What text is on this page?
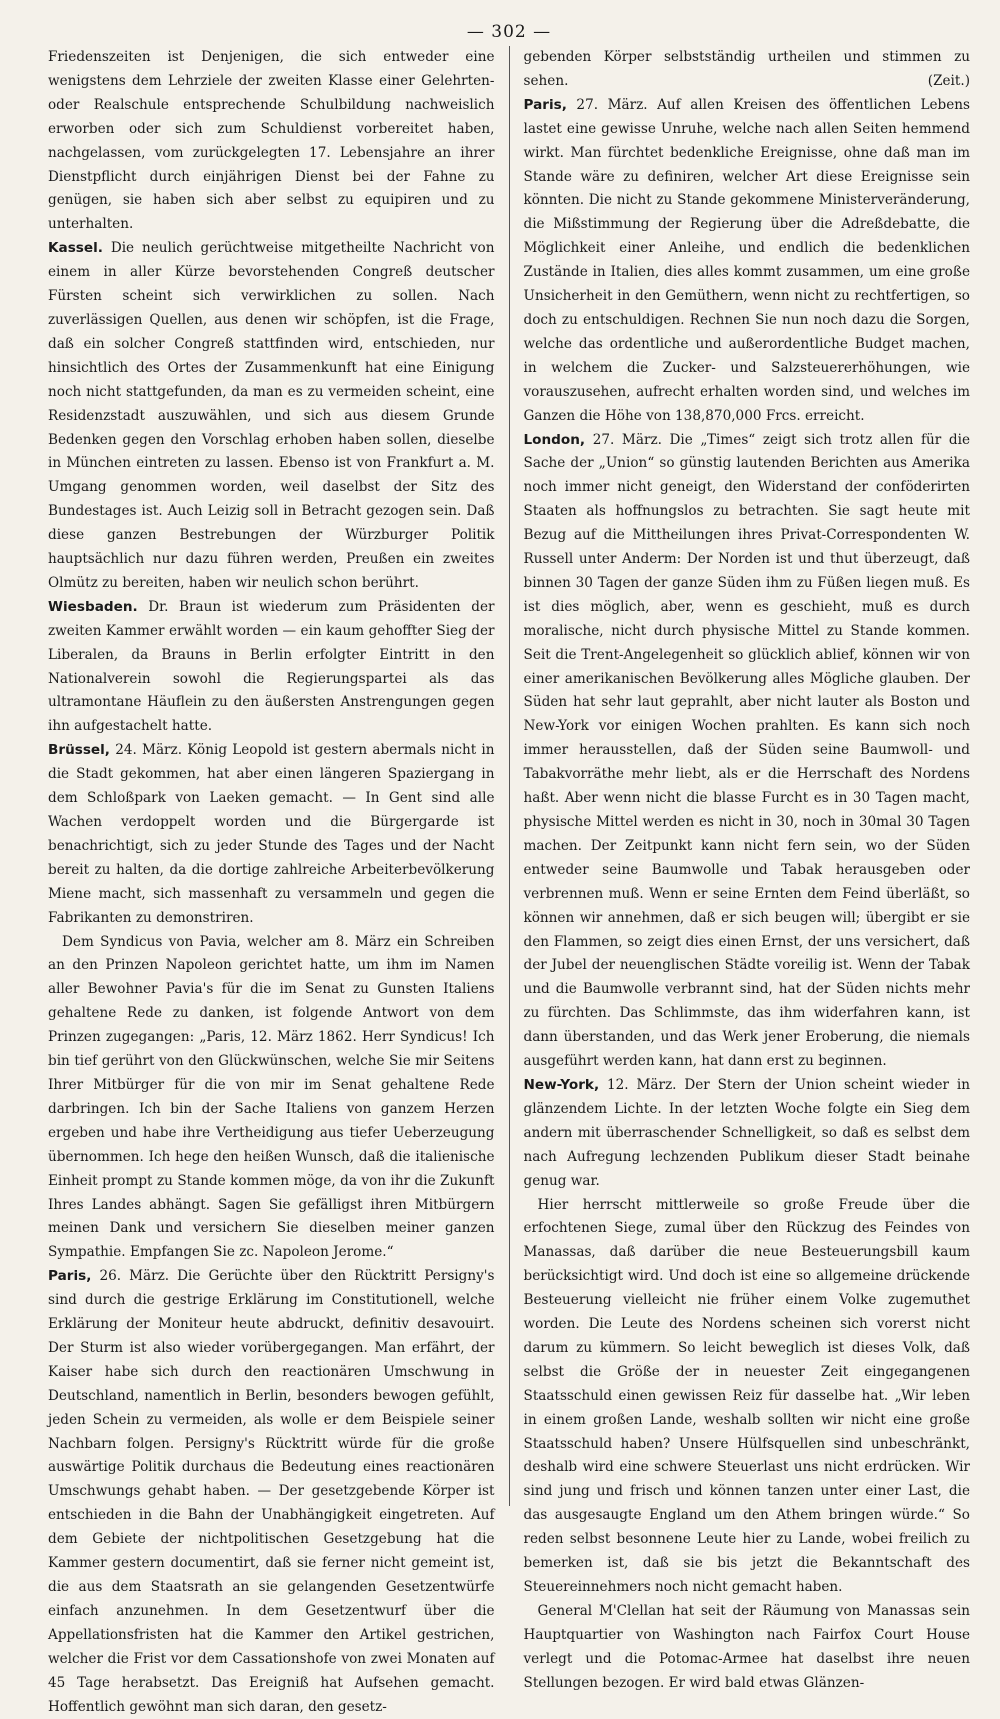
— 302 —

Friedenszeiten ist Denjenigen, die sich entweder eine wenigstens dem Lehrziele der zweiten Klasse einer Gelehrten- oder Realschule entsprechende Schulbildung nachweislich erworben oder sich zum Schuldienst vorbereitet haben, nachgelassen, vom zurückgelegten 17. Lebensjahre an ihrer Dienstpflicht durch einjährigen Dienst bei der Fahne zu genügen, sie haben sich aber selbst zu equipiren und zu unterhalten.

Kassel. Die neulich gerüchtweise mitgetheilte Nachricht von einem in aller Kürze bevorstehenden Congreß deutscher Fürsten scheint sich verwirklichen zu sollen. Nach zuverlässigen Quellen, aus denen wir schöpfen, ist die Frage, daß ein solcher Congreß stattfinden wird, entschieden, nur hinsichtlich des Ortes der Zusammenkunft hat eine Einigung noch nicht stattgefunden, da man es zu vermeiden scheint, eine Residenzstadt auszuwählen, und sich aus diesem Grunde Bedenken gegen den Vorschlag erhoben haben sollen, dieselbe in München eintreten zu lassen. Ebenso ist von Frankfurt a. M. Umgang genommen worden, weil daselbst der Sitz des Bundestages ist. Auch Leizig soll in Betracht gezogen sein. Daß diese ganzen Bestrebungen der Würzburger Politik hauptsächlich nur dazu führen werden, Preußen ein zweites Olmütz zu bereiten, haben wir neulich schon berührt.

Wiesbaden. Dr. Braun ist wiederum zum Präsidenten der zweiten Kammer erwählt worden — ein kaum gehoffter Sieg der Liberalen, da Brauns in Berlin erfolgter Eintritt in den Nationalverein sowohl die Regierungspartei als das ultramontane Häuflein zu den äußersten Anstrengungen gegen ihn aufgestachelt hatte.

Brüssel, 24. März. König Leopold ist gestern abermals nicht in die Stadt gekommen, hat aber einen längeren Spaziergang in dem Schloßpark von Laeken gemacht. — In Gent sind alle Wachen verdoppelt worden und die Bürgergarde ist benachrichtigt, sich zu jeder Stunde des Tages und der Nacht bereit zu halten, da die dortige zahlreiche Arbeiterbevölkerung Miene macht, sich massenhaft zu versammeln und gegen die Fabrikanten zu demonstriren.

Dem Syndicus von Pavia, welcher am 8. März ein Schreiben an den Prinzen Napoleon gerichtet hatte, um ihm im Namen aller Bewohner Pavia's für die im Senat zu Gunsten Italiens gehaltene Rede zu danken, ist folgende Antwort von dem Prinzen zugegangen: „Paris, 12. März 1862. Herr Syndicus! Ich bin tief gerührt von den Glückwünschen, welche Sie mir Seitens Ihrer Mitbürger für die von mir im Senat gehaltene Rede darbringen. Ich bin der Sache Italiens von ganzem Herzen ergeben und habe ihre Vertheidigung aus tiefer Ueberzeugung übernommen. Ich hege den heißen Wunsch, daß die italienische Einheit prompt zu Stande kommen möge, da von ihr die Zukunft Ihres Landes abhängt. Sagen Sie gefälligst ihren Mitbürgern meinen Dank und versichern Sie dieselben meiner ganzen Sympathie. Empfangen Sie zc. Napoleon Jerome.“

Paris, 26. März. Die Gerüchte über den Rücktritt Persigny's sind durch die gestrige Erklärung im Constitutionell, welche Erklärung der Moniteur heute abdruckt, definitiv desavouirt. Der Sturm ist also wieder vorübergegangen. Man erfährt, der Kaiser habe sich durch den reactionären Umschwung in Deutschland, namentlich in Berlin, besonders bewogen gefühlt, jeden Schein zu vermeiden, als wolle er dem Beispiele seiner Nachbarn folgen. Persigny's Rücktritt würde für die große auswärtige Politik durchaus die Bedeutung eines reactionären Umschwungs gehabt haben. — Der gesetzgebende Körper ist entschieden in die Bahn der Unabhängigkeit eingetreten. Auf dem Gebiete der nichtpolitischen Gesetzgebung hat die Kammer gestern documentirt, daß sie ferner nicht gemeint ist, die aus dem Staatsrath an sie gelangenden Gesetzentwürfe einfach anzunehmen. In dem Gesetzentwurf über die Appellationsfristen hat die Kammer den Artikel gestrichen, welcher die Frist vor dem Cassationshofe von zwei Monaten auf 45 Tage herabsetzt. Das Ereigniß hat Aufsehen gemacht. Hoffentlich gewöhnt man sich daran, den gesetz-

gebenden Körper selbstständig urtheilen und stimmen zu sehen.	(Zeit.)

Paris, 27. März. Auf allen Kreisen des öffentlichen Lebens lastet eine gewisse Unruhe, welche nach allen Seiten hemmend wirkt. Man fürchtet bedenkliche Ereignisse, ohne daß man im Stande wäre zu definiren, welcher Art diese Ereignisse sein könnten. Die nicht zu Stande gekommene Ministerveränderung, die Mißstimmung der Regierung über die Adreßdebatte, die Möglichkeit einer Anleihe, und endlich die bedenklichen Zustände in Italien, dies alles kommt zusammen, um eine große Unsicherheit in den Gemüthern, wenn nicht zu rechtfertigen, so doch zu entschuldigen. Rechnen Sie nun noch dazu die Sorgen, welche das ordentliche und außerordentliche Budget machen, in welchem die Zucker- und Salzsteuererhöhungen, wie vorauszusehen, aufrecht erhalten worden sind, und welches im Ganzen die Höhe von 138,870,000 Frcs. erreicht.

London, 27. März. Die „Times“ zeigt sich trotz allen für die Sache der „Union“ so günstig lautenden Berichten aus Amerika noch immer nicht geneigt, den Widerstand der conföderirten Staaten als hoffnungslos zu betrachten. Sie sagt heute mit Bezug auf die Mittheilungen ihres Privat-Correspondenten W. Russell unter Anderm: Der Norden ist und thut überzeugt, daß binnen 30 Tagen der ganze Süden ihm zu Füßen liegen muß. Es ist dies möglich, aber, wenn es geschieht, muß es durch moralische, nicht durch physische Mittel zu Stande kommen. Seit die Trent-Angelegenheit so glücklich ablief, können wir von einer amerikanischen Bevölkerung alles Mögliche glauben. Der Süden hat sehr laut geprahlt, aber nicht lauter als Boston und New-York vor einigen Wochen prahlten. Es kann sich noch immer herausstellen, daß der Süden seine Baumwoll- und Tabakvorräthe mehr liebt, als er die Herrschaft des Nordens haßt. Aber wenn nicht die blasse Furcht es in 30 Tagen macht, physische Mittel werden es nicht in 30, noch in 30mal 30 Tagen machen. Der Zeitpunkt kann nicht fern sein, wo der Süden entweder seine Baumwolle und Tabak herausgeben oder verbrennen muß. Wenn er seine Ernten dem Feind überläßt, so können wir annehmen, daß er sich beugen will; übergibt er sie den Flammen, so zeigt dies einen Ernst, der uns versichert, daß der Jubel der neuenglischen Städte voreilig ist. Wenn der Tabak und die Baumwolle verbrannt sind, hat der Süden nichts mehr zu fürchten. Das Schlimmste, das ihm widerfahren kann, ist dann überstanden, und das Werk jener Eroberung, die niemals ausgeführt werden kann, hat dann erst zu beginnen.

New-York, 12. März. Der Stern der Union scheint wieder in glänzendem Lichte. In der letzten Woche folgte ein Sieg dem andern mit überraschender Schnelligkeit, so daß es selbst dem nach Aufregung lechzenden Publikum dieser Stadt beinahe genug war.

Hier herrscht mittlerweile so große Freude über die erfochtenen Siege, zumal über den Rückzug des Feindes von Manassas, daß darüber die neue Besteuerungsbill kaum berücksichtigt wird. Und doch ist eine so allgemeine drückende Besteuerung vielleicht nie früher einem Volke zugemuthet worden. Die Leute des Nordens scheinen sich vorerst nicht darum zu kümmern. So leicht beweglich ist dieses Volk, daß selbst die Größe der in neuester Zeit eingegangenen Staatsschuld einen gewissen Reiz für dasselbe hat. „Wir leben in einem großen Lande, weshalb sollten wir nicht eine große Staatsschuld haben? Unsere Hülfsquellen sind unbeschränkt, deshalb wird eine schwere Steuerlast uns nicht erdrücken. Wir sind jung und frisch und können tanzen unter einer Last, die das ausgesaugte England um den Athem bringen würde.“ So reden selbst besonnene Leute hier zu Lande, wobei freilich zu bemerken ist, daß sie bis jetzt die Bekanntschaft des Steuereinnehmers noch nicht gemacht haben.

General M'Clellan hat seit der Räumung von Manassas sein Hauptquartier von Washington nach Fairfox Court House verlegt und die Potomac-Armee hat daselbst ihre neuen Stellungen bezogen. Er wird bald etwas Glänzen-
